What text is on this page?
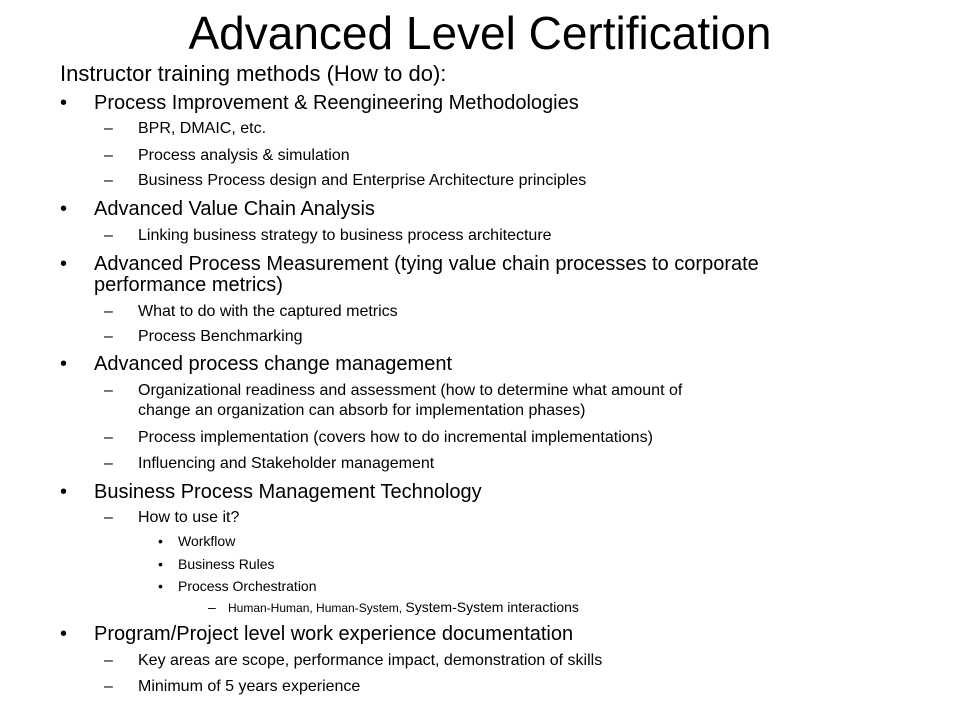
Advanced Level Certification
Instructor training methods (How to do):
• Process Improvement & Reengineering Methodologies
– BPR, DMAIC, etc.
– Process analysis & simulation
– Business Process design and Enterprise Architecture principles
• Advanced Value Chain Analysis
– Linking business strategy to business process architecture
• Advanced Process Measurement (tying value chain processes to corporate
performance metrics)
– What to do with the captured metrics
– Process Benchmarking
• Advanced process change management
– Organizational readiness and assessment (how to determine what amount of
change an organization can absorb for implementation phases)
– Process implementation (covers how to do incremental implementations)
– Influencing and Stakeholder management
• Business Process Management Technology
– How to use it?
• Workflow
• Business Rules
• Process Orchestration
– Human-Human, Human-System, System-System interactions
• Program/Project level work experience documentation
– Key areas are scope, performance impact, demonstration of skills
– Minimum of 5 years experience
